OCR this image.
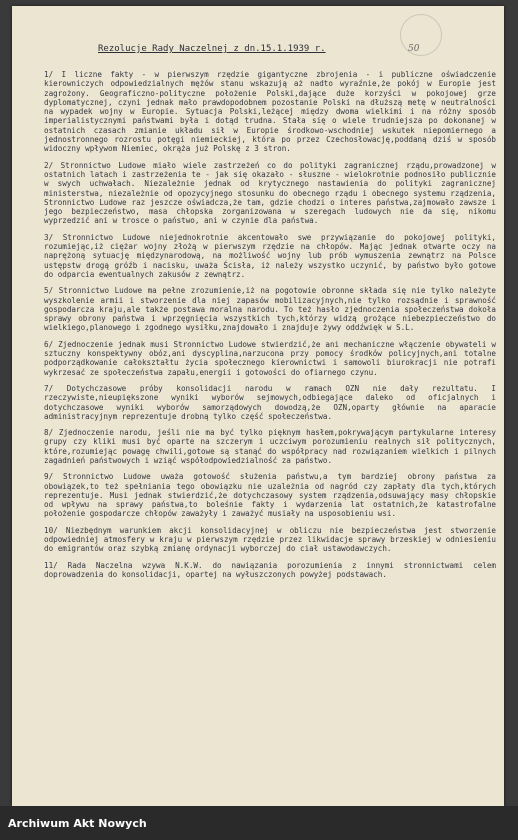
50
Rezolucje Rady Naczelnej z dn.15.1.1939 r.

1/ I liczne fakty - w pierwszym rzędzie gigantyczne zbrojenia - i publiczne oświadczenie kierowniczych odpowiedzialnych mężów stanu wskazują aż nadto wyraźnie,że pokój w Europie jest zagrożony. Geograficzno-polityczne położenie Polski,dające duże korzyści w pokojowej grze dyplomatycznej, czyni jednak mało prawdopodobnem pozostanie Polski na dłuższą metę w neutralności na wypadek wojny w Europie. Sytuacja Polski,leżącej między dwoma wielkimi i na różny sposób imperialistycznymi państwami była i dotąd trudna. Stała się o wiele trudniejsza po dokonanej w ostatnich czasach zmianie układu sił w Europie środkowo-wschodniej wskutek niepomiernego a jednostronnego rozrostu potęgi niemieckiej, która po przez Czechosłowację,poddaną dziś w sposób widoczny wpływom Niemiec, okrąża już Polskę z 3 stron.

2/ Stronnictwo Ludowe miało wiele zastrzeżeń co do polityki zagranicznej rządu,prowadzonej w ostatnich latach i zastrzeżenia te - jak się okazało - słuszne - wielokrotnie podnosiło publicznie w swych uchwałach. Niezależnie jednak od krytycznego nastawienia do polityki zagranicznej ministerstwa, niezależnie od opozycyjnego stosunku do obecnego rządu i obecnego systemu rządzenia, Stronnictwo Ludowe raz jeszcze oświadcza,że tam, gdzie chodzi o interes państwa,zajmowało zawsze i jego bezpieczeństwo, masa chłopska zorganizowana w szeregach ludowych nie da się, nikomu wyprzedzić ani w trosce o państwo, ani w czynie dla państwa.

3/ Stronnictwo Ludowe niejednokrotnie akcentowało swe przywiązanie do pokojowej polityki, rozumiejąc,iż ciężar wojny złożą w pierwszym rzędzie na chłopów. Mając jednak otwarte oczy na naprężoną sytuację międzynarodową, na możliwość wojny lub prób wymuszenia zewnątrz na Polsce ustępstw drogą gróźb i nacisku, uważa Ścisła, iż należy wszystko uczynić, by państwo było gotowe do odparcia ewentualnych zakusów z zewnątrz.

5/ Stronnictwo Ludowe ma pełne zrozumienie,iż na pogotowie obronne składa się nie tylko należyte wyszkolenie armii i stworzenie dla niej zapasów mobilizacyjnych,nie tylko rozsądnie i sprawność gospodarcza kraju,ale także postawa moralna narodu. To też hasło zjednoczenia społeczeństwa dokoła sprawy obrony państwa i wprzęgnięcia wszystkich tych,którzy widzą grożące niebezpieczeństwo do wielkiego,planowego i zgodnego wysiłku,znajdowało i znajduje żywy oddźwięk w S.L.

6/ Zjednoczenie jednak musi Stronnictwo Ludowe stwierdzić,że ani mechaniczne włączenie obywateli w sztuczny konspektywny obóz,ani dyscyplina,narzucona przy pomocy środków policyjnych,ani totalne podporządkowanie całokształtu życia społecznego kierownictwi i samowoli biurokracji nie potrafi wykrzesać ze społeczeństwa zapału,energii i gotowości do ofiarnego czynu.

7/ Dotychczasowe próby konsolidacji narodu w ramach OZN nie dały rezultatu. I rzeczywiste,nieupiększone wyniki wyborów sejmowych,odbiegające daleko od oficjalnych i dotychczasowe wyniki wyborów samorządowych dowodzą,że OZN,oparty głównie na aparacie administracyjnym reprezentuje drobną tylko część społeczeństwa.

8/ Zjednoczenie narodu, jeśli nie ma być tylko pięknym hasłem,pokrywającym partykularne interesy grupy czy kliki musi być oparte na szczerym i uczciwym porozumieniu realnych sił politycznych, które,rozumiejąc powagę chwili,gotowe są stanąć do współpracy nad rozwiązaniem wielkich i pilnych zagadnień państwowych i wziąć współodpowiedzialność za państwo.

9/ Stronnictwo Ludowe uważa gotowość służenia państwu,a tym bardziej obrony państwa za obowiązek,to też spełniania tego obowiązku nie uzależnia od nagród czy zapłaty dla tych,których reprezentuje. Musi jednak stwierdzić,że dotychczasowy system rządzenia,odsuwający masy chłopskie od wpływu na sprawy państwa,to boleśnie fakty i wydarzenia lat ostatnich,że katastrofalne położenie gospodarcze chłopów zaważyły i zaważyć musiały na usposobieniu wsi.

10/ Niezbędnym warunkiem akcji konsolidacyjnej w obliczu nie bezpieczeństwa jest stworzenie odpowiedniej atmosfery w kraju w pierwszym rzędzie przez likwidacje sprawy brzeskiej w odniesieniu do emigrantów oraz szybką zmianę ordynacji wyborczej do ciał ustawodawczych.

11/ Rada Naczelna wzywa N.K.W. do nawiązania porozumienia z innymi stronnictwami celem doprowadzenia do konsolidacji, opartej na wyłuszczonych powyżej podstawach.

Archiwum Akt Nowych
